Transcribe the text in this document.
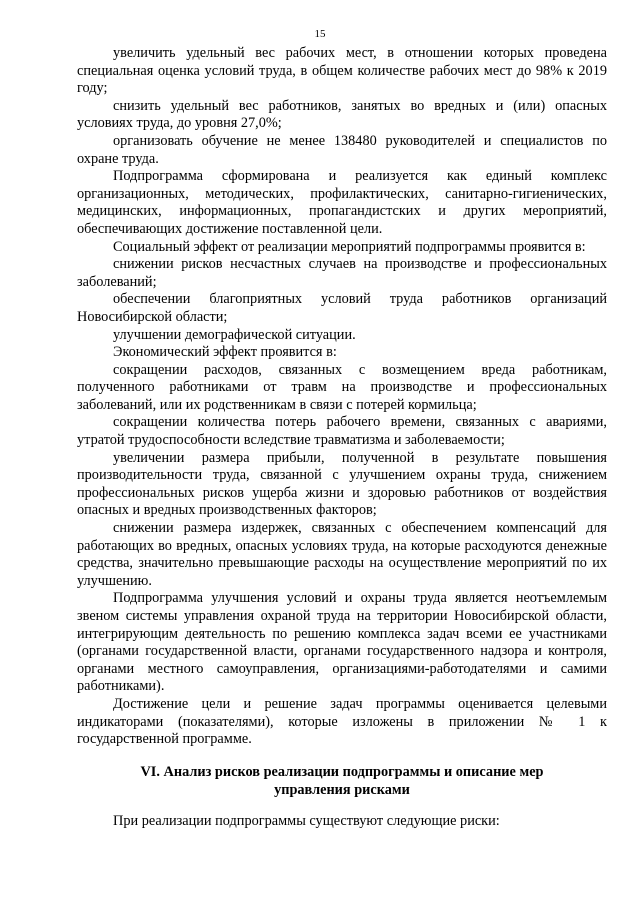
15

увеличить удельный вес рабочих мест, в отношении которых проведена специальная оценка условий труда, в общем количестве рабочих мест до 98% к 2019 году;

снизить удельный вес работников, занятых во вредных и (или) опасных условиях труда, до уровня 27,0%;

организовать обучение не менее 138480 руководителей и специалистов по охране труда.

Подпрограмма сформирована и реализуется как единый комплекс организационных, методических, профилактических, санитарно-гигиенических, медицинских, информационных, пропагандистских и других мероприятий, обеспечивающих достижение поставленной цели.

Социальный эффект от реализации мероприятий подпрограммы проявится в:

снижении рисков несчастных случаев на производстве и профессиональных заболеваний;

обеспечении благоприятных условий труда работников организаций Новосибирской области;

улучшении демографической ситуации.

Экономический эффект проявится в:

сокращении расходов, связанных с возмещением вреда работникам, полученного работниками от травм на производстве и профессиональных заболеваний, или их родственникам в связи с потерей кормильца;

сокращении количества потерь рабочего времени, связанных с авариями, утратой трудоспособности вследствие травматизма и заболеваемости;

увеличении размера прибыли, полученной в результате повышения производительности труда, связанной с улучшением охраны труда, снижением профессиональных рисков ущерба жизни и здоровью работников от воздействия опасных и вредных производственных факторов;

снижении размера издержек, связанных с обеспечением компенсаций для работающих во вредных, опасных условиях труда, на которые расходуются денежные средства, значительно превышающие расходы на осуществление мероприятий по их улучшению.

Подпрограмма улучшения условий и охраны труда является неотъемлемым звеном системы управления охраной труда на территории Новосибирской области, интегрирующим деятельность по решению комплекса задач всеми ее участниками (органами государственной власти, органами государственного надзора и контроля, органами местного самоуправления, организациями-работодателями и самими работниками).

Достижение цели и решение задач программы оценивается целевыми индикаторами (показателями), которые изложены в приложении № 1 к государственной программе.

VI. Анализ рисков реализации подпрограммы и описание мер
управления рисками

При реализации подпрограммы существуют следующие риски:
